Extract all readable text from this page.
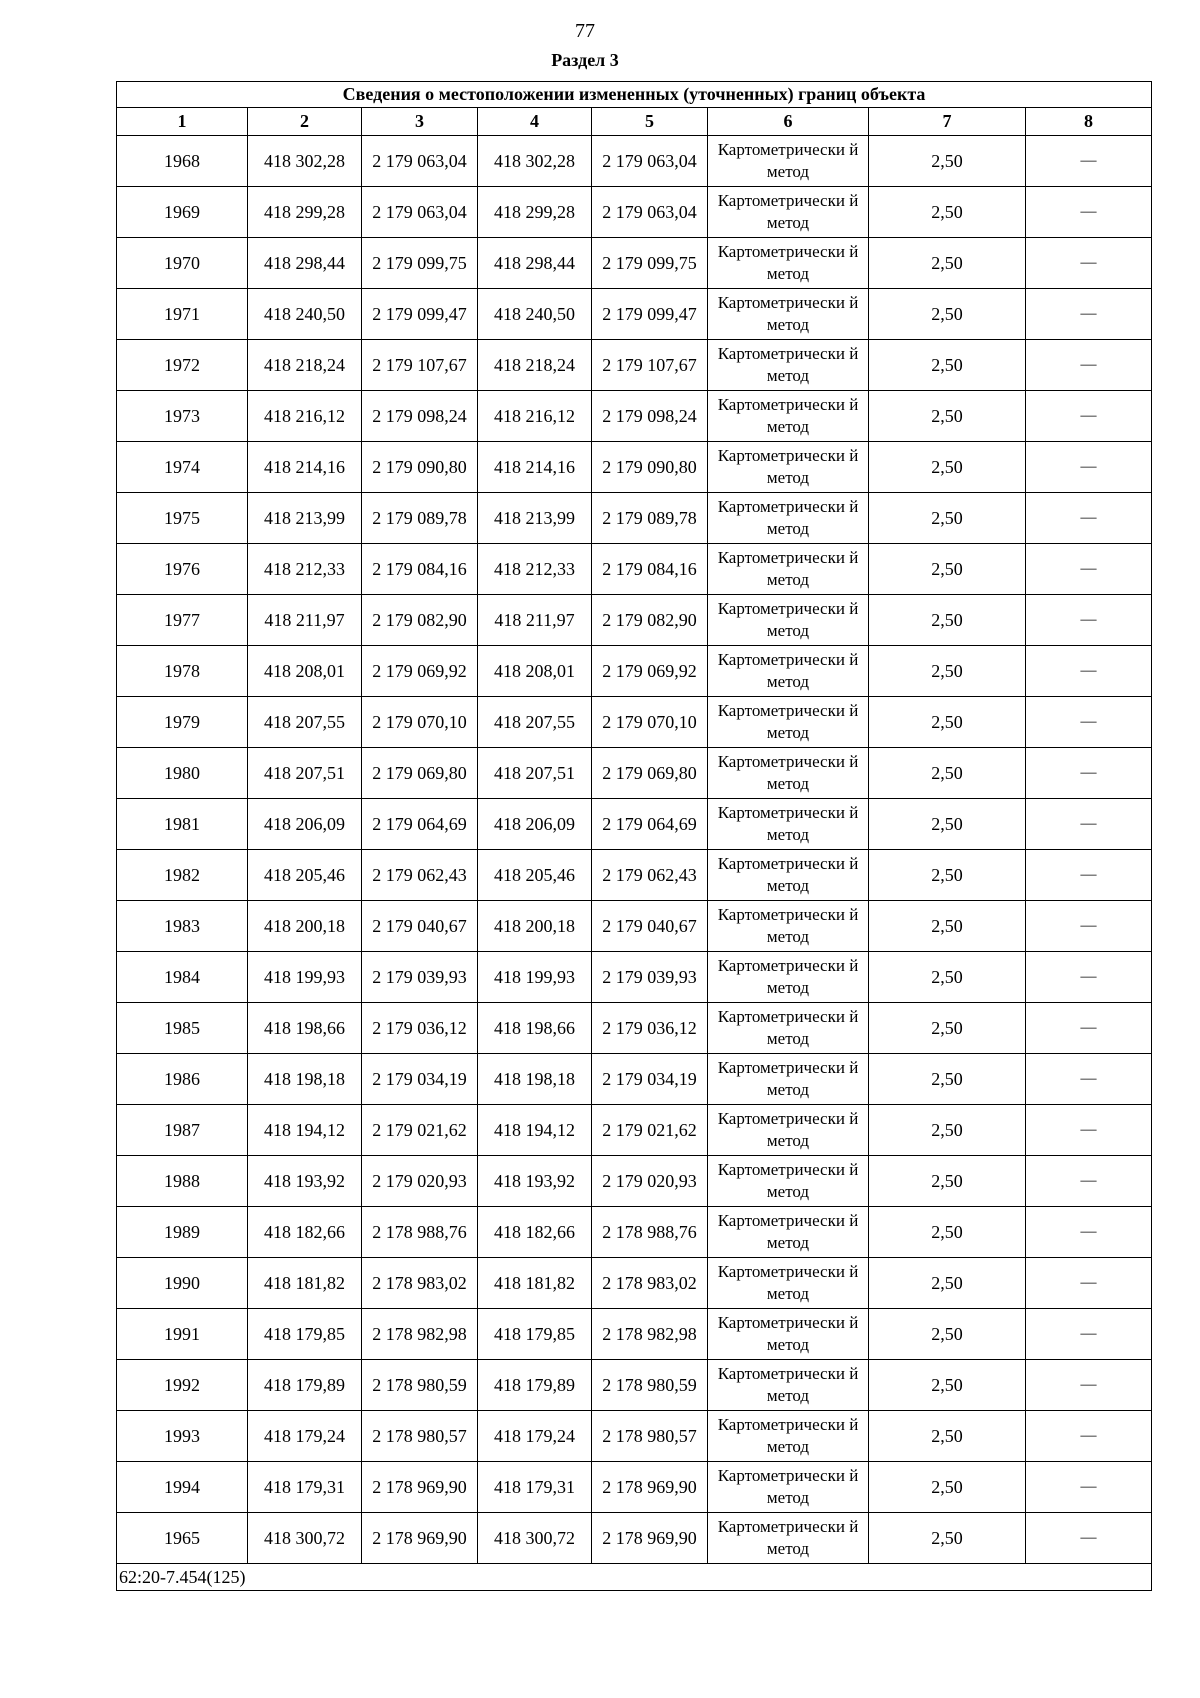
77
Раздел 3
Сведения о местоположении измененных (уточненных) границ объекта							
1	2	3	4	5	6	7	8
1968	418 302,28	2 179 063,04	418 302,28	2 179 063,04	Картометрически й метод	2,50	—
1969	418 299,28	2 179 063,04	418 299,28	2 179 063,04	Картометрически й метод	2,50	—
1970	418 298,44	2 179 099,75	418 298,44	2 179 099,75	Картометрически й метод	2,50	—
1971	418 240,50	2 179 099,47	418 240,50	2 179 099,47	Картометрически й метод	2,50	—
1972	418 218,24	2 179 107,67	418 218,24	2 179 107,67	Картометрически й метод	2,50	—
1973	418 216,12	2 179 098,24	418 216,12	2 179 098,24	Картометрически й метод	2,50	—
1974	418 214,16	2 179 090,80	418 214,16	2 179 090,80	Картометрически й метод	2,50	—
1975	418 213,99	2 179 089,78	418 213,99	2 179 089,78	Картометрически й метод	2,50	—
1976	418 212,33	2 179 084,16	418 212,33	2 179 084,16	Картометрически й метод	2,50	—
1977	418 211,97	2 179 082,90	418 211,97	2 179 082,90	Картометрически й метод	2,50	—
1978	418 208,01	2 179 069,92	418 208,01	2 179 069,92	Картометрически й метод	2,50	—
1979	418 207,55	2 179 070,10	418 207,55	2 179 070,10	Картометрически й метод	2,50	—
1980	418 207,51	2 179 069,80	418 207,51	2 179 069,80	Картометрически й метод	2,50	—
1981	418 206,09	2 179 064,69	418 206,09	2 179 064,69	Картометрически й метод	2,50	—
1982	418 205,46	2 179 062,43	418 205,46	2 179 062,43	Картометрически й метод	2,50	—
1983	418 200,18	2 179 040,67	418 200,18	2 179 040,67	Картометрически й метод	2,50	—
1984	418 199,93	2 179 039,93	418 199,93	2 179 039,93	Картометрически й метод	2,50	—
1985	418 198,66	2 179 036,12	418 198,66	2 179 036,12	Картометрически й метод	2,50	—
1986	418 198,18	2 179 034,19	418 198,18	2 179 034,19	Картометрически й метод	2,50	—
1987	418 194,12	2 179 021,62	418 194,12	2 179 021,62	Картометрически й метод	2,50	—
1988	418 193,92	2 179 020,93	418 193,92	2 179 020,93	Картометрически й метод	2,50	—
1989	418 182,66	2 178 988,76	418 182,66	2 178 988,76	Картометрически й метод	2,50	—
1990	418 181,82	2 178 983,02	418 181,82	2 178 983,02	Картометрически й метод	2,50	—
1991	418 179,85	2 178 982,98	418 179,85	2 178 982,98	Картометрически й метод	2,50	—
1992	418 179,89	2 178 980,59	418 179,89	2 178 980,59	Картометрически й метод	2,50	—
1993	418 179,24	2 178 980,57	418 179,24	2 178 980,57	Картометрически й метод	2,50	—
1994	418 179,31	2 178 969,90	418 179,31	2 178 969,90	Картометрически й метод	2,50	—
1965	418 300,72	2 178 969,90	418 300,72	2 178 969,90	Картометрически й метод	2,50	—
62:20-7.454(125)							
